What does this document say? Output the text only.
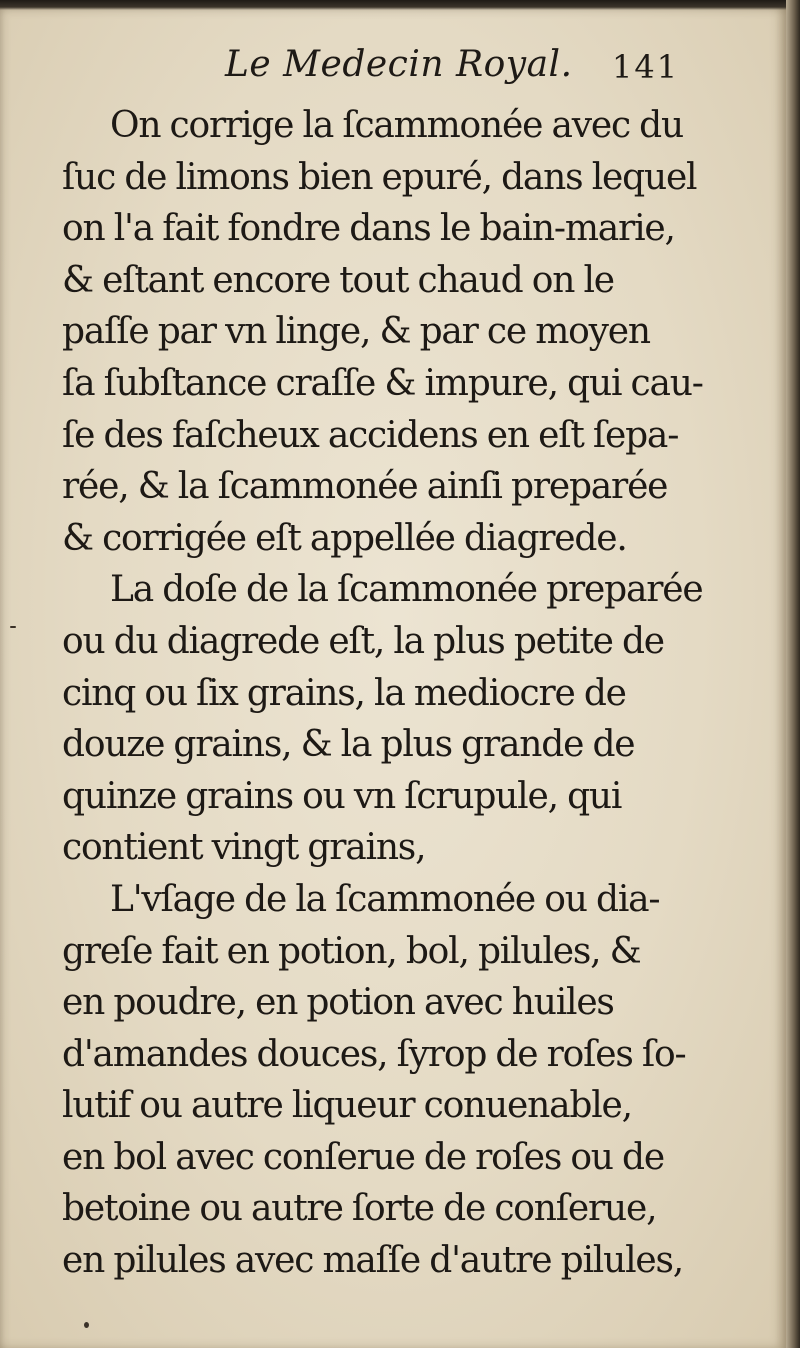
Le Medecin Royal. 141
On corrige la ſcammonée avec du
ſuc de limons bien epuré, dans lequel
on l'a fait fondre dans le bain-marie,
& eſtant encore tout chaud on le
paſſe par vn linge, & par ce moyen
ſa ſubſtance craſſe & impure, qui cau-
ſe des faſcheux accidens en eſt ſepa-
rée, & la ſcammonée ainſi preparée
& corrigée eſt appellée diagrede.
La doſe de la ſcammonée preparée
ou du diagrede eſt, la plus petite de
cinq ou ſix grains, la mediocre de
douze grains, & la plus grande de
quinze grains ou vn ſcrupule, qui
contient vingt grains,
L'vſage de la ſcammonée ou dia-
greſe fait en potion, bol, pilules, &
en poudre, en potion avec huiles
d'amandes douces, ſyrop de roſes ſo-
lutif ou autre liqueur conuenable,
en bol avec conſerue de roſes ou de
betoine ou autre ſorte de conſerue,
en pilules avec maſſe d'autre pilules,
